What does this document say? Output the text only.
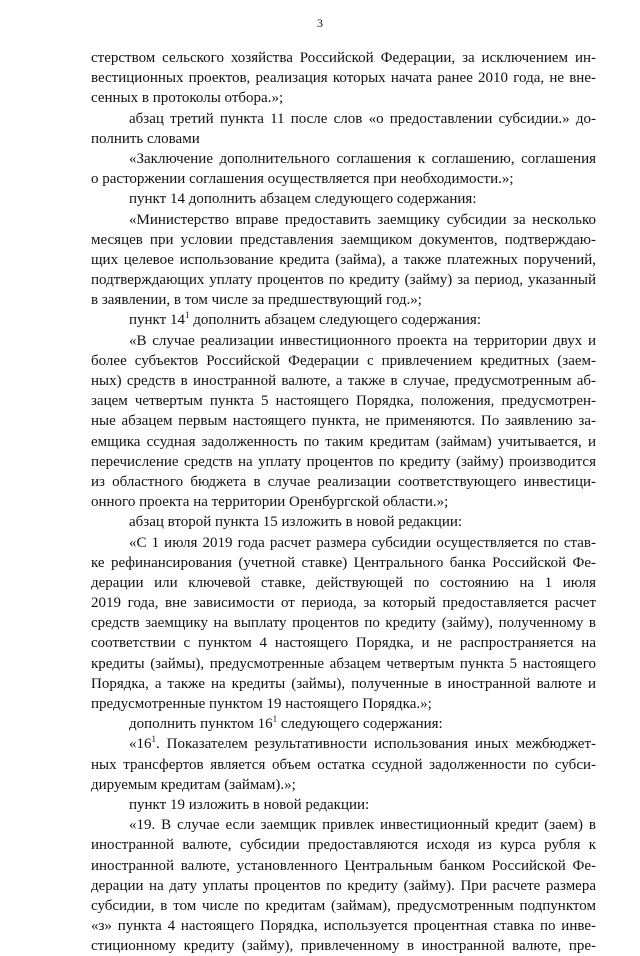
3
стерством сельского хозяйства Российской Федерации, за исключением ин-
вестиционных проектов, реализация которых начата ранее 2010 года, не вне-
сенных в протоколы отбора.»;
абзац третий пункта 11 после слов «о предоставлении субсидии.» до-
полнить словами
«Заключение дополнительного соглашения к соглашению, соглашения
о расторжении соглашения осуществляется при необходимости.»;
пункт 14 дополнить абзацем следующего содержания:
«Министерство вправе предоставить заемщику субсидии за несколько
месяцев при условии представления заемщиком документов, подтверждаю-
щих целевое использование кредита (займа), а также платежных поручений,
подтверждающих уплату процентов по кредиту (займу) за период, указанный
в заявлении, в том числе за предшествующий год.»;
пункт $14^1$ дополнить абзацем следующего содержания:
«В случае реализации инвестиционного проекта на территории двух и
более субъектов Российской Федерации с привлечением кредитных (заем-
ных) средств в иностранной валюте, а также в случае, предусмотренным аб-
зацем четвертым пункта 5 настоящего Порядка, положения, предусмотрен-
ные абзацем первым настоящего пункта, не применяются. По заявлению за-
емщика ссудная задолженность по таким кредитам (займам) учитывается, и
перечисление средств на уплату процентов по кредиту (займу) производится
из областного бюджета в случае реализации соответствующего инвестици-
онного проекта на территории Оренбургской области.»;
абзац второй пункта 15 изложить в новой редакции:
«С 1 июля 2019 года расчет размера субсидии осуществляется по став-
ке рефинансирования (учетной ставке) Центрального банка Российской Фе-
дерации или ключевой ставке, действующей по состоянию на 1 июля
2019 года, вне зависимости от периода, за который предоставляется расчет
средств заемщику на выплату процентов по кредиту (займу), полученному в
соответствии с пунктом 4 настоящего Порядка, и не распространяется на
кредиты (займы), предусмотренные абзацем четвертым пункта 5 настоящего
Порядка, а также на кредиты (займы), полученные в иностранной валюте и
предусмотренные пунктом 19 настоящего Порядка.»;
дополнить пунктом $16^1$ следующего содержания:
«$16^1$. Показателем результативности использования иных межбюджет-
ных трансфертов является объем остатка ссудной задолженности по субси-
дируемым кредитам (займам).»;
пункт 19 изложить в новой редакции:
«19. В случае если заемщик привлек инвестиционный кредит (заем) в
иностранной валюте, субсидии предоставляются исходя из курса рубля к
иностранной валюте, установленного Центральным банком Российской Фе-
дерации на дату уплаты процентов по кредиту (займу). При расчете размера
субсидии, в том числе по кредитам (займам), предусмотренным подпунктом
«з» пункта 4 настоящего Порядка, используется процентная ставка по инве-
стиционному кредиту (займу), привлеченному в иностранной валюте, пре-
